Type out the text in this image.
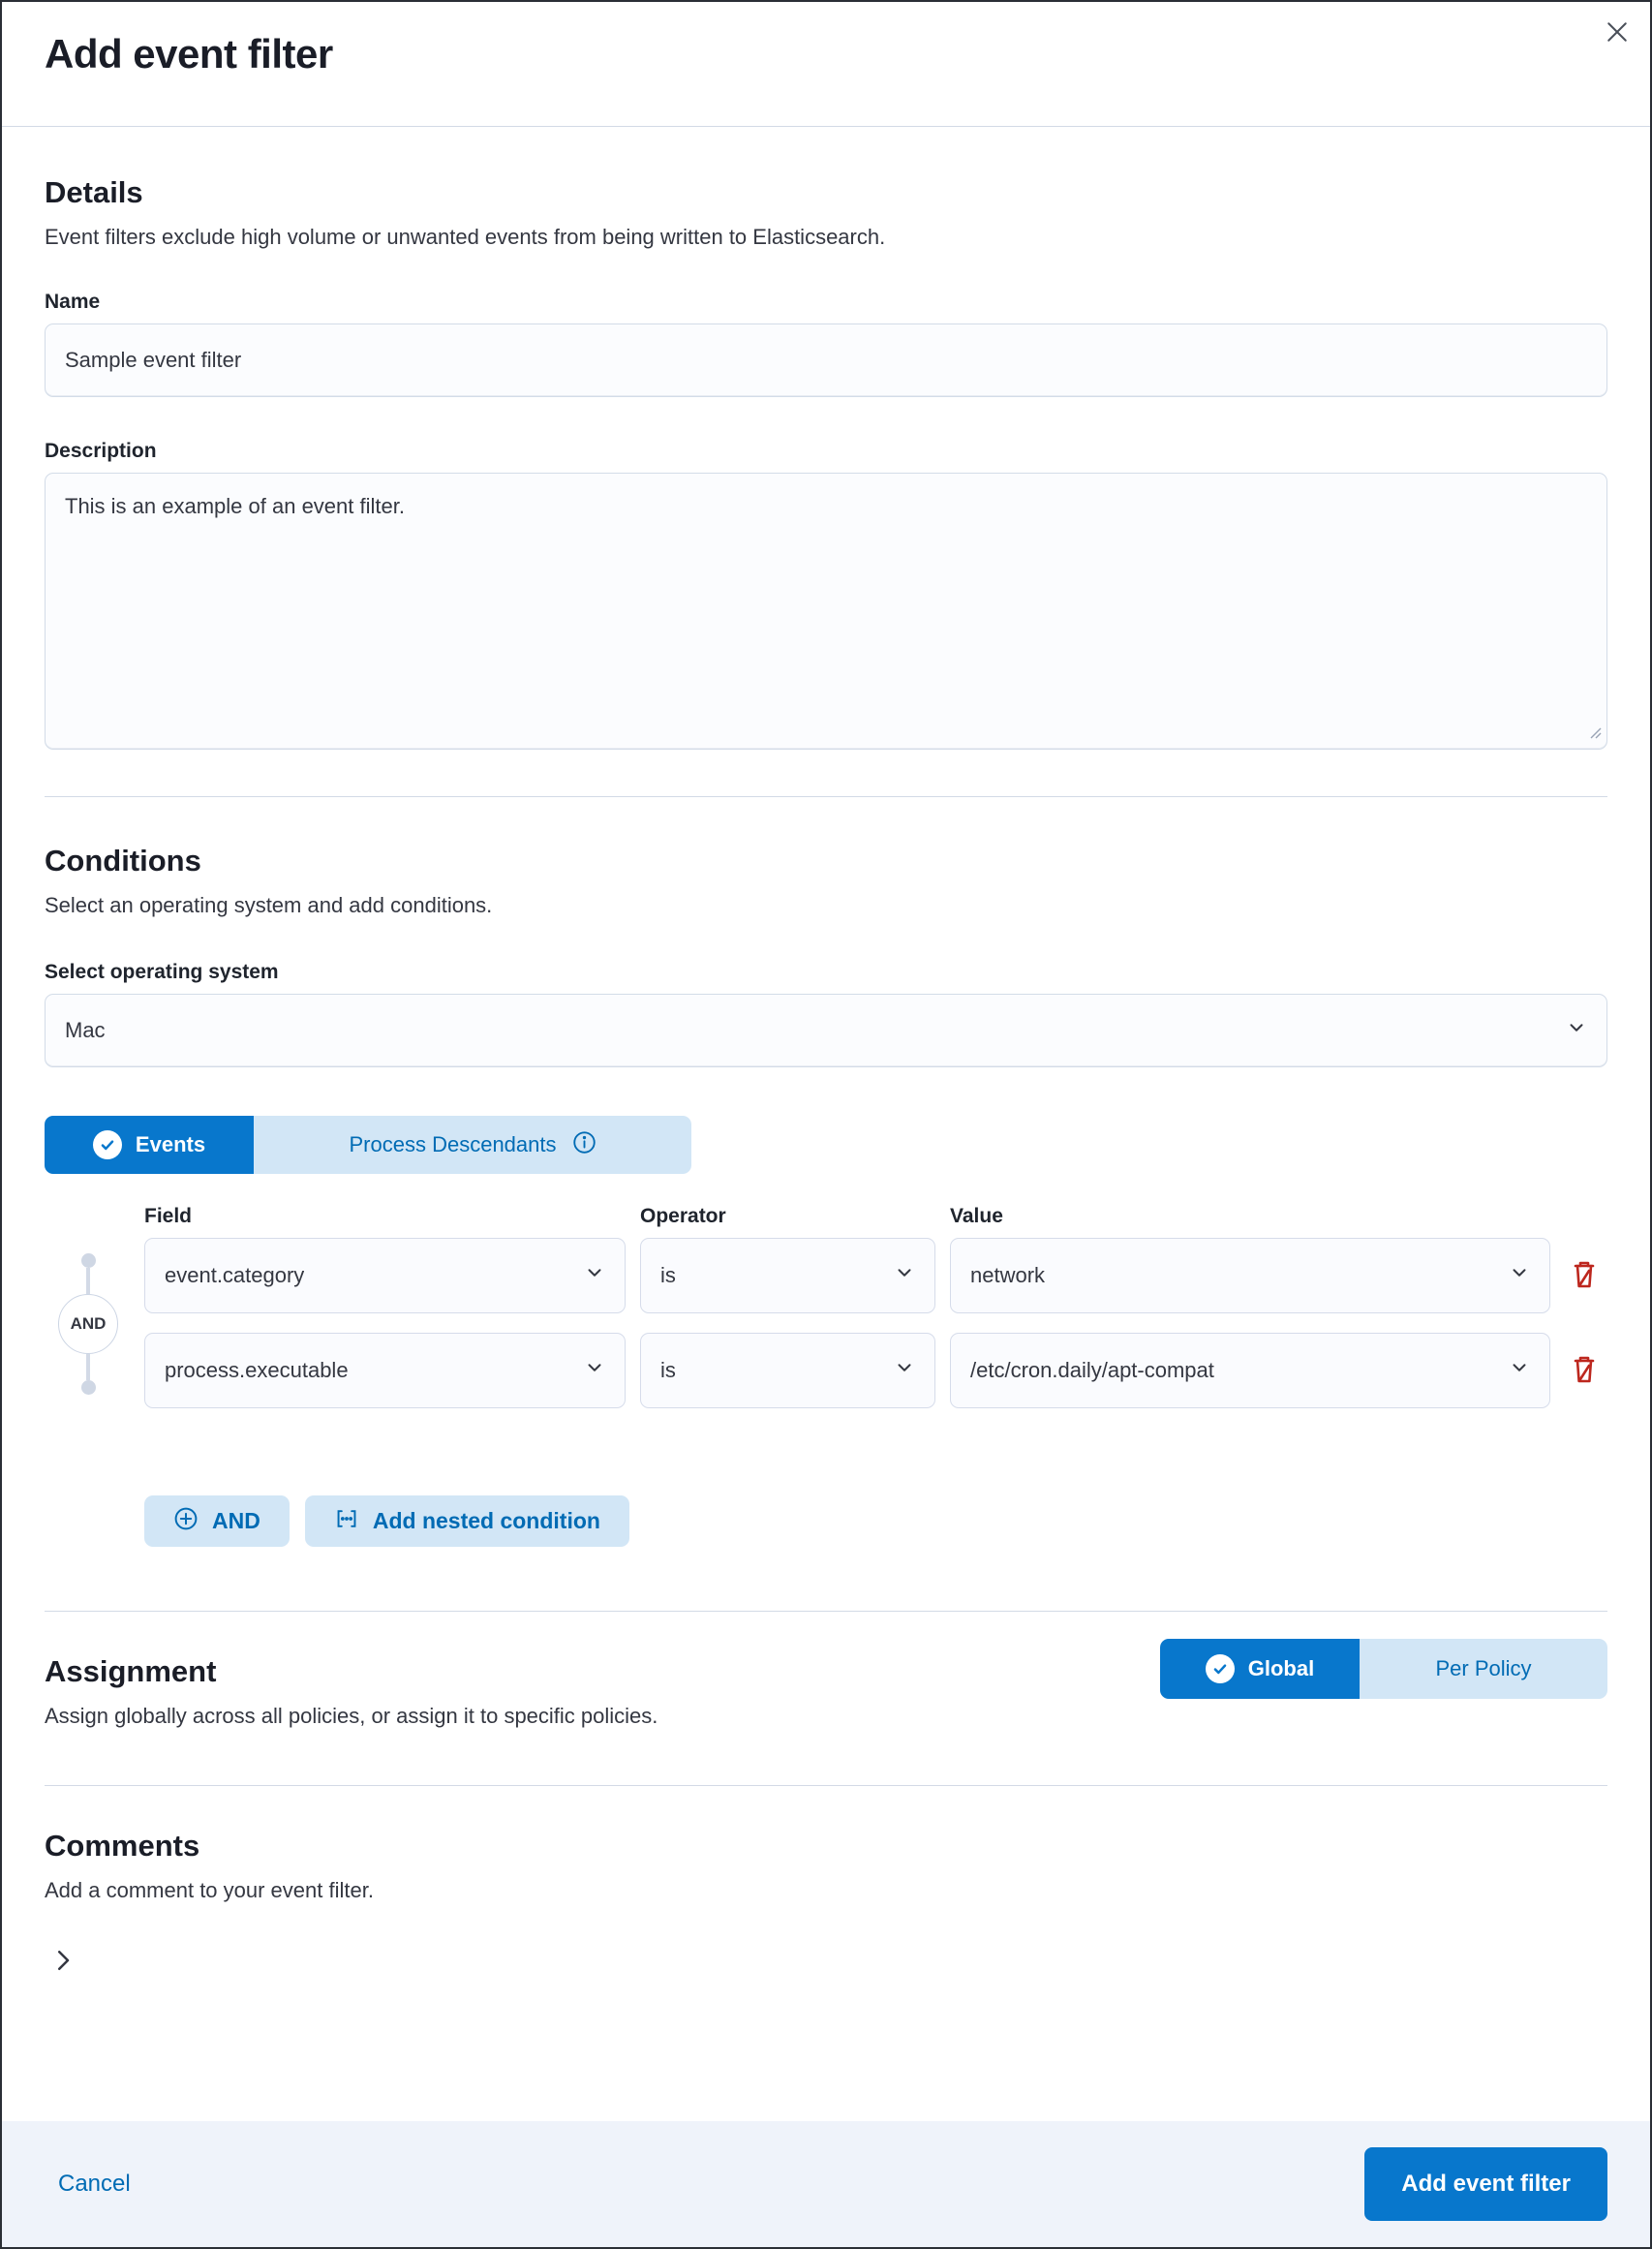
Add event filter
Details

Event filters exclude high volume or unwanted events from being written to Elasticsearch.

Name
Sample event filter
Description
This is an example of an event filter.
Conditions

Select an operating system and add conditions.

Select operating system
Mac
Events	Process Descendants
Field	Operator	Value
AND
event.category	is	network
process.executable	is	/etc/cron.daily/apt-compat
AND	Add nested condition
Assignment

Assign globally across all policies, or assign it to specific policies.

Global	Per Policy
Comments

Add a comment to your event filter.

Cancel	Add event filter
